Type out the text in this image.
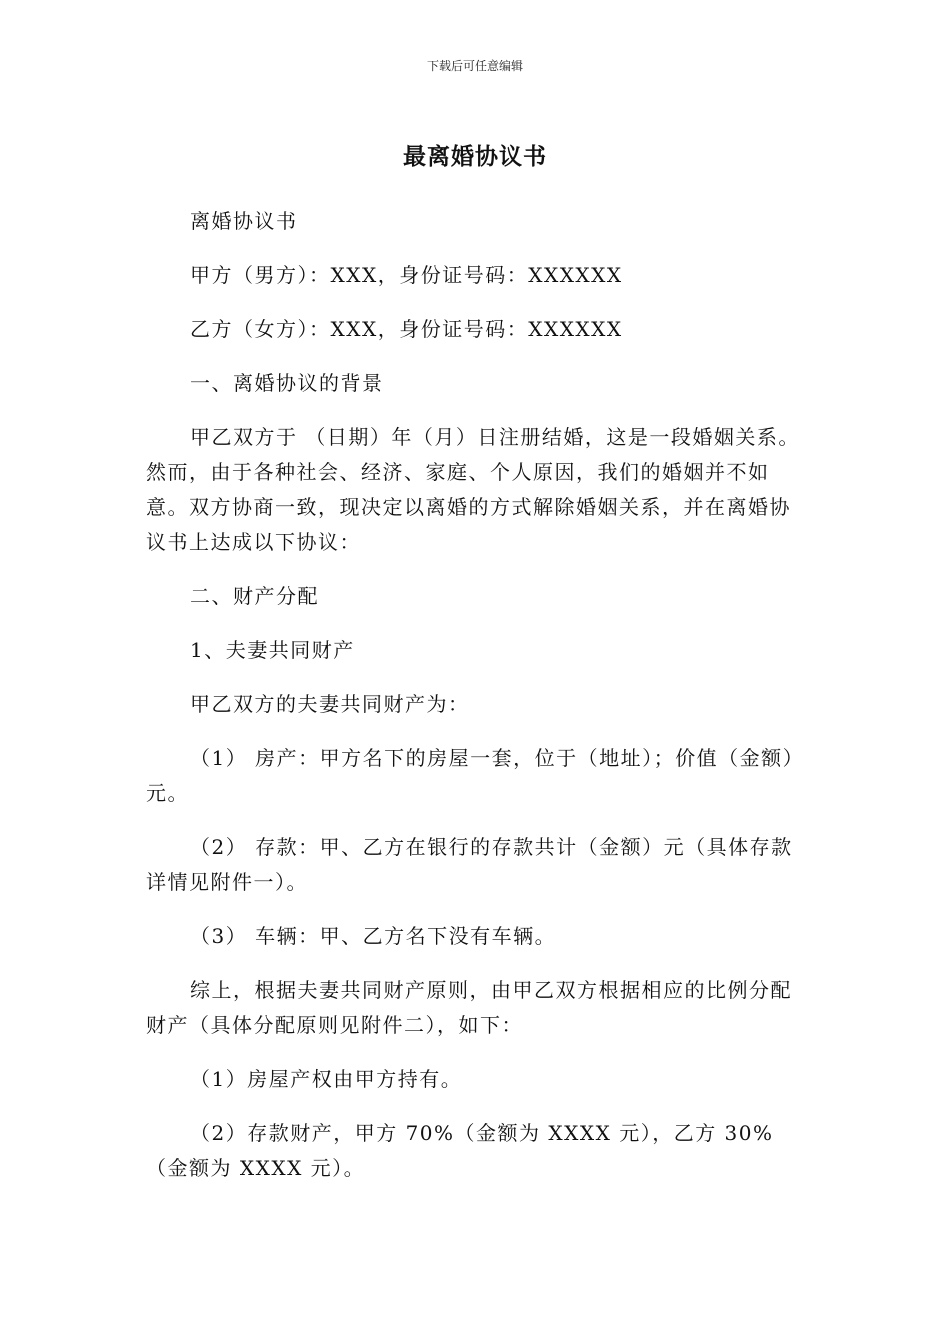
下载后可任意编辑
最离婚协议书

离婚协议书

甲方（男方）：XXX，身份证号码：XXXXXX

乙方（女方）：XXX，身份证号码：XXXXXX

一、离婚协议的背景

甲乙双方于 （日期）年（月）日注册结婚，这是一段婚姻关系。然而，由于各种社会、经济、家庭、个人原因，我们的婚姻并不如意。双方协商一致，现决定以离婚的方式解除婚姻关系，并在离婚协议书上达成以下协议：

二、财产分配

1、夫妻共同财产

甲乙双方的夫妻共同财产为：

（1） 房产：甲方名下的房屋一套，位于（地址）；价值（金额）元。

（2） 存款：甲、乙方在银行的存款共计（金额）元（具体存款详情见附件一）。

（3） 车辆：甲、乙方名下没有车辆。

综上，根据夫妻共同财产原则，由甲乙双方根据相应的比例分配财产（具体分配原则见附件二），如下：

（1）房屋产权由甲方持有。

（2）存款财产，甲方 70%（金额为 XXXX 元），乙方 30%（金额为 XXXX 元）。
